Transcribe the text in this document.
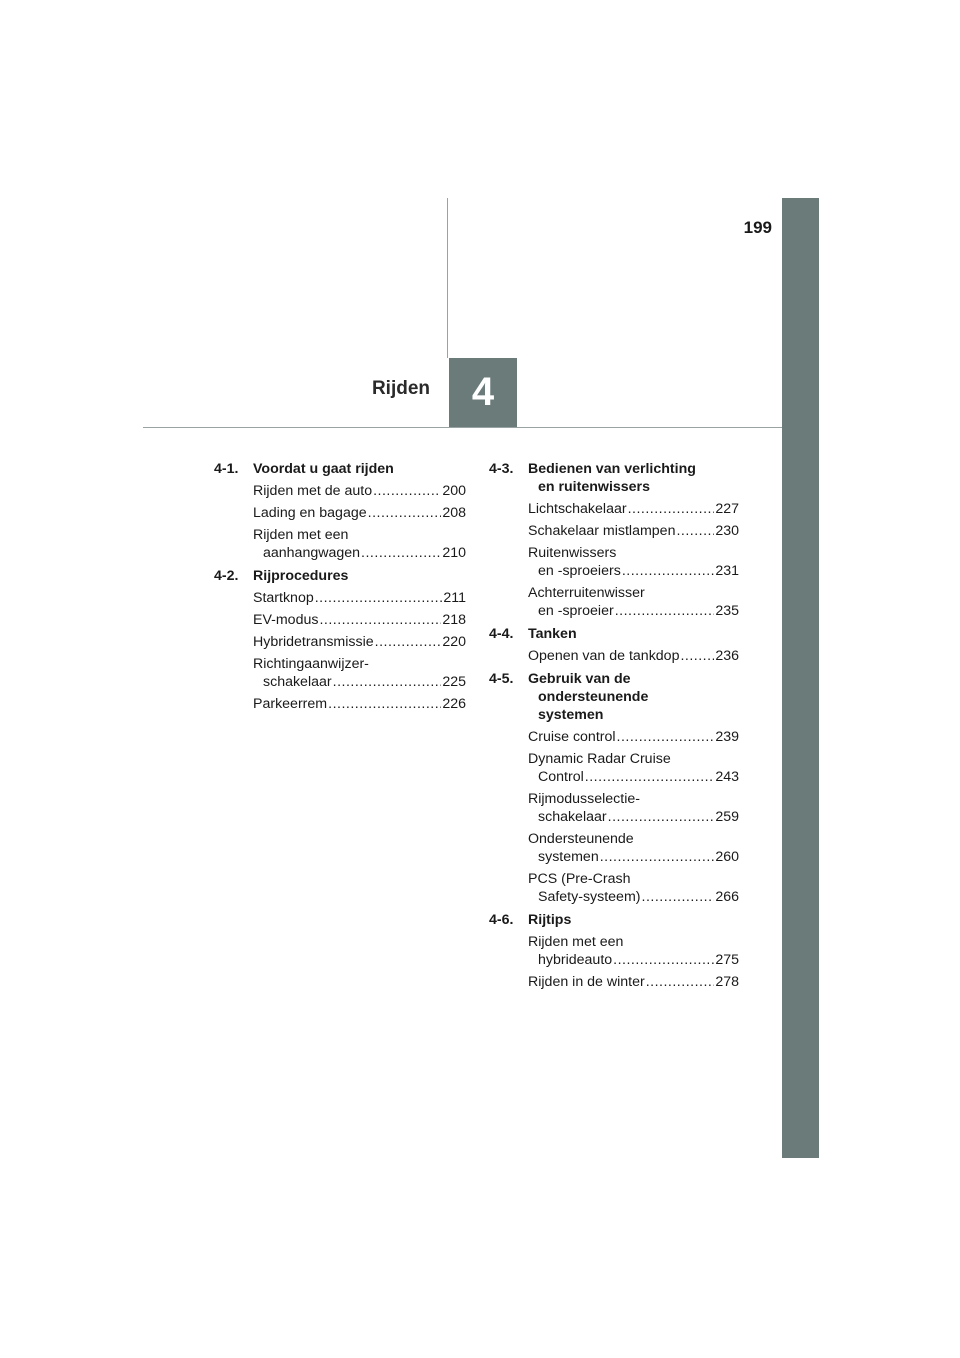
199
Rijden 4
4-1.	Voordat u gaat rijden
Rijden met de auto .....	200
Lading en bagage .....	208
Rijden met een
aanhangwagen .....	210
4-2.	Rijprocedures
Startknop .....	211
EV-modus .....	218
Hybridetransmissie .....	220
Richtingaanwijzer-
schakelaar .....	225
Parkeerrem .....	226
4-3.	Bedienen van verlichting
en ruitenwissers
Lichtschakelaar .....	227
Schakelaar mistlampen .....	230
Ruitenwissers
en -sproeiers .....	231
Achterruitenwisser
en -sproeier .....	235
4-4.	Tanken
Openen van de tankdop .....	236
4-5.	Gebruik van de
ondersteunende
systemen
Cruise control .....	239
Dynamic Radar Cruise
Control .....	243
Rijmodusselectie-
schakelaar .....	259
Ondersteunende
systemen .....	260
PCS (Pre-Crash
Safety-systeem) .....	266
4-6.	Rijtips
Rijden met een
hybrideauto .....	275
Rijden in de winter .....	278
